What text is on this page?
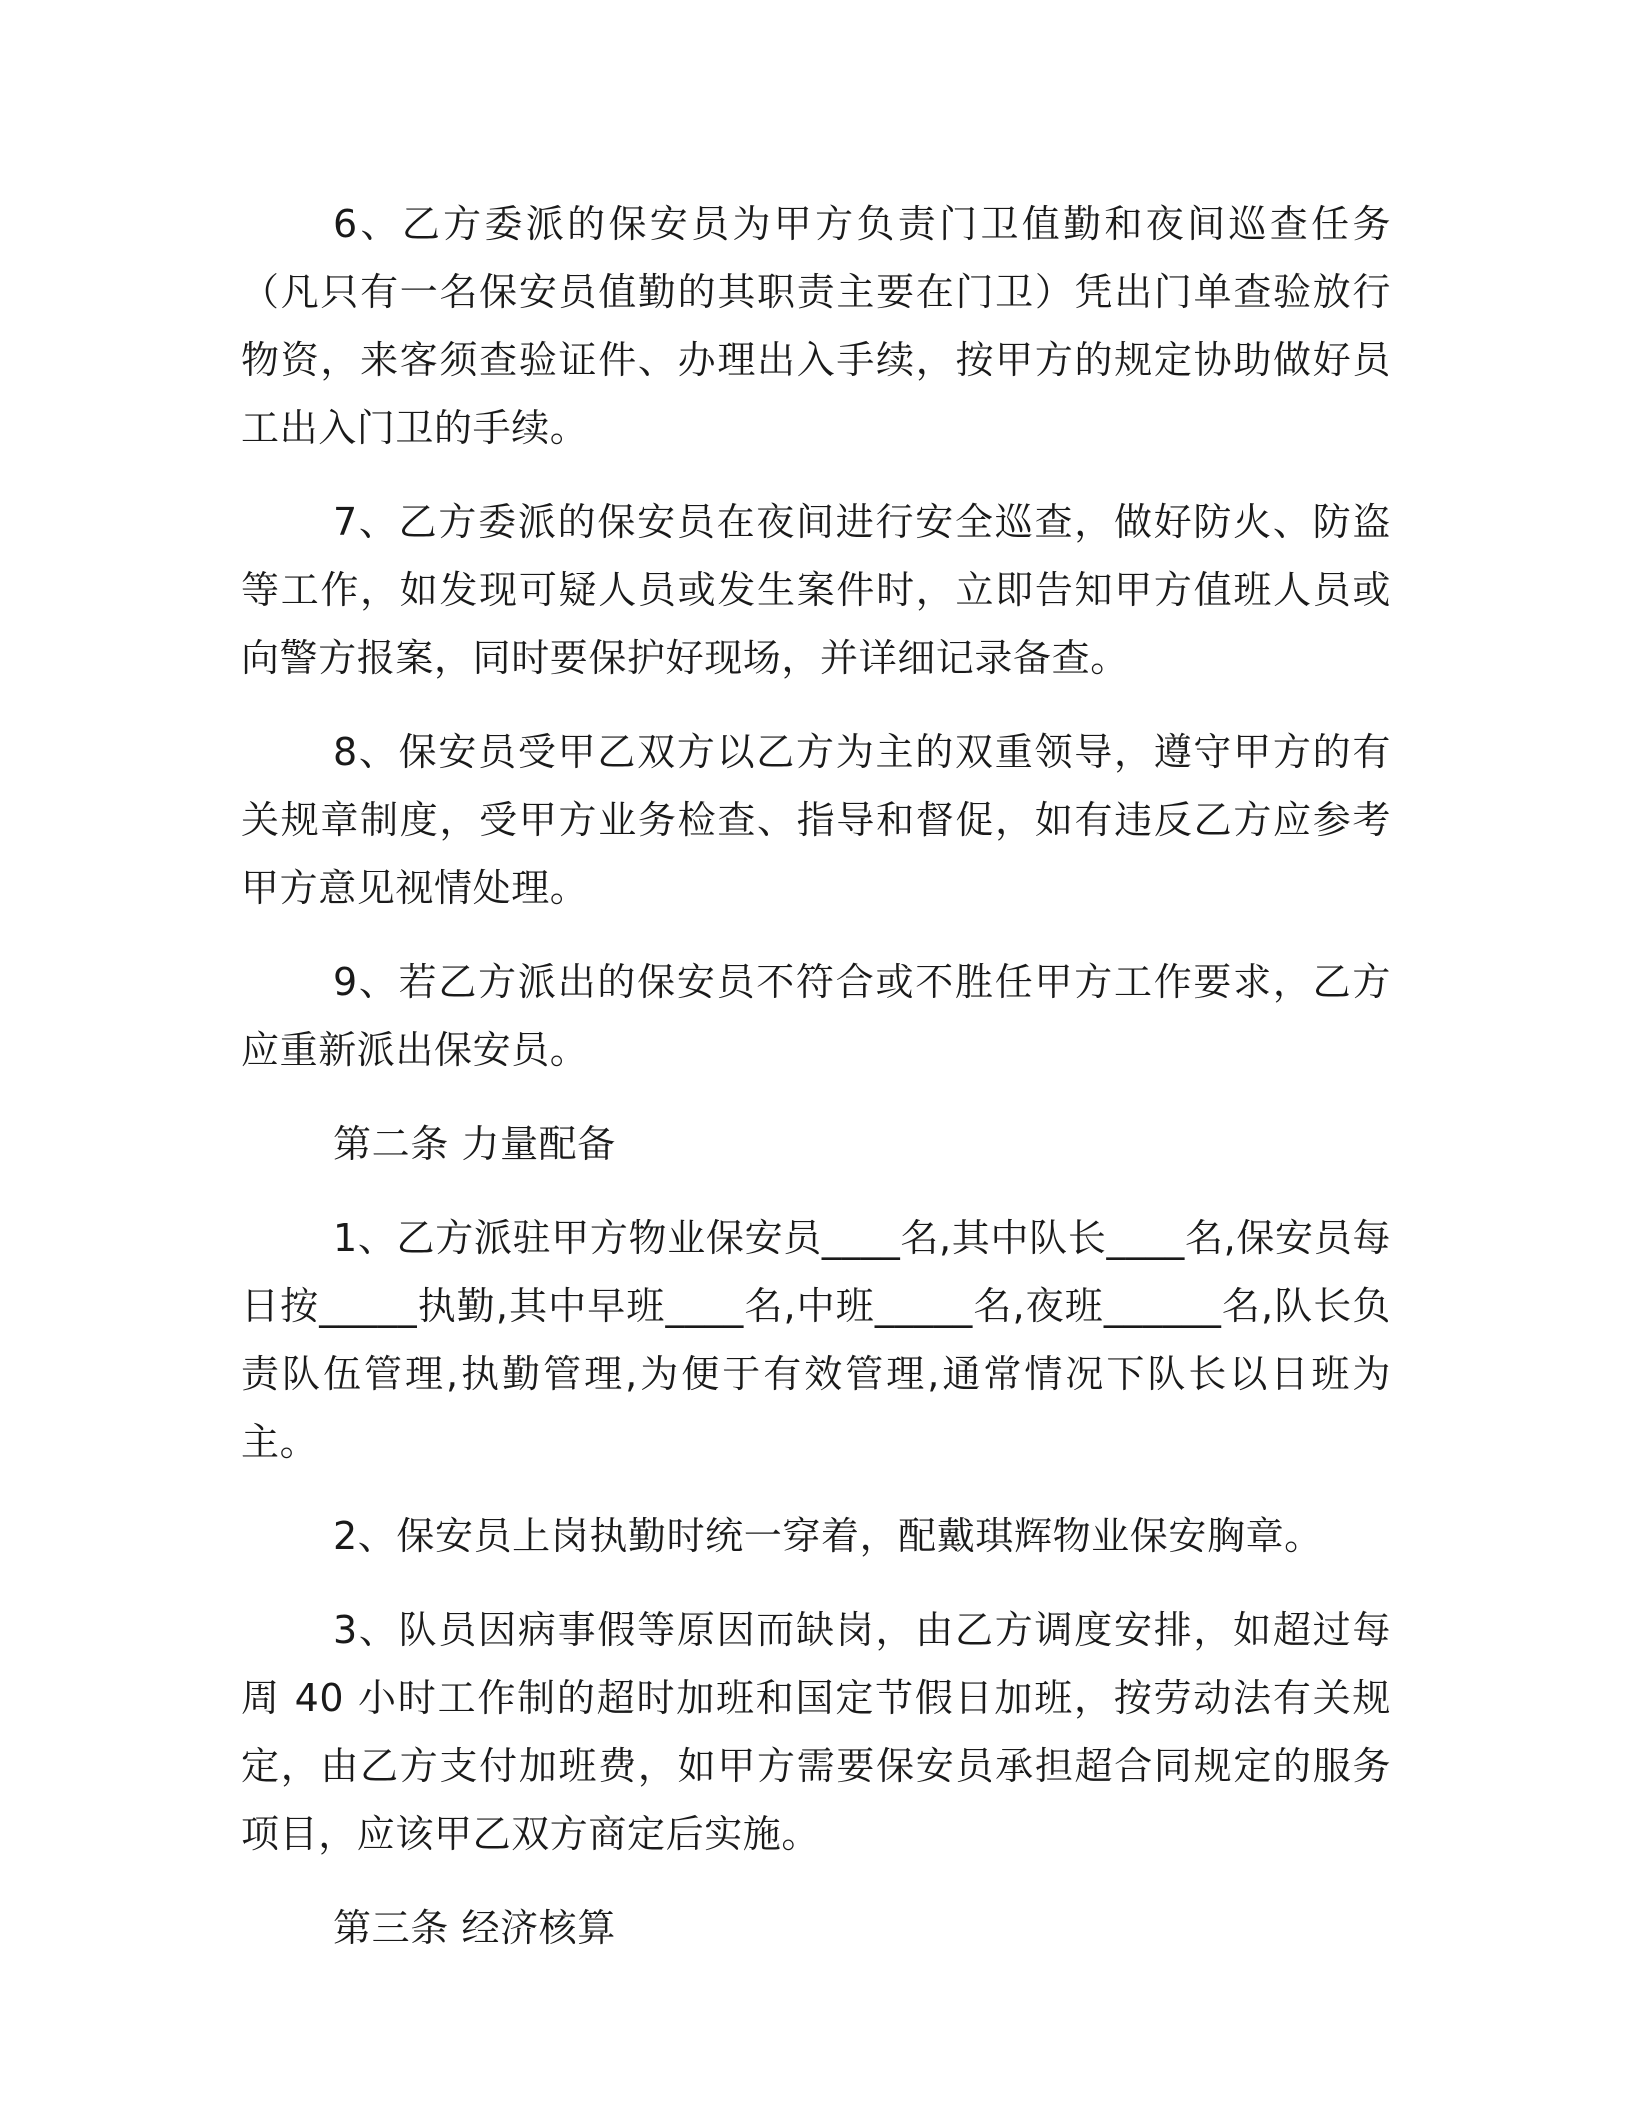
6、乙方委派的保安员为甲方负责门卫值勤和夜间巡查任务（凡只有一名保安员值勤的其职责主要在门卫）凭出门单查验放行物资，来客须查验证件、办理出入手续，按甲方的规定协助做好员工出入门卫的手续。

7、乙方委派的保安员在夜间进行安全巡查，做好防火、防盗等工作，如发现可疑人员或发生案件时，立即告知甲方值班人员或向警方报案，同时要保护好现场，并详细记录备查。

8、保安员受甲乙双方以乙方为主的双重领导，遵守甲方的有关规章制度，受甲方业务检查、指导和督促，如有违反乙方应参考甲方意见视情处理。

9、若乙方派出的保安员不符合或不胜任甲方工作要求，乙方应重新派出保安员。

第二条 力量配备

1、乙方派驻甲方物业保安员____名,其中队长____名,保安员每日按_____执勤,其中早班____名,中班_____名,夜班______名,队长负责队伍管理,执勤管理,为便于有效管理,通常情况下队长以日班为主。

2、保安员上岗执勤时统一穿着，配戴琪辉物业保安胸章。

3、队员因病事假等原因而缺岗，由乙方调度安排，如超过每周 40 小时工作制的超时加班和国定节假日加班，按劳动法有关规定，由乙方支付加班费，如甲方需要保安员承担超合同规定的服务项目，应该甲乙双方商定后实施。

第三条 经济核算
